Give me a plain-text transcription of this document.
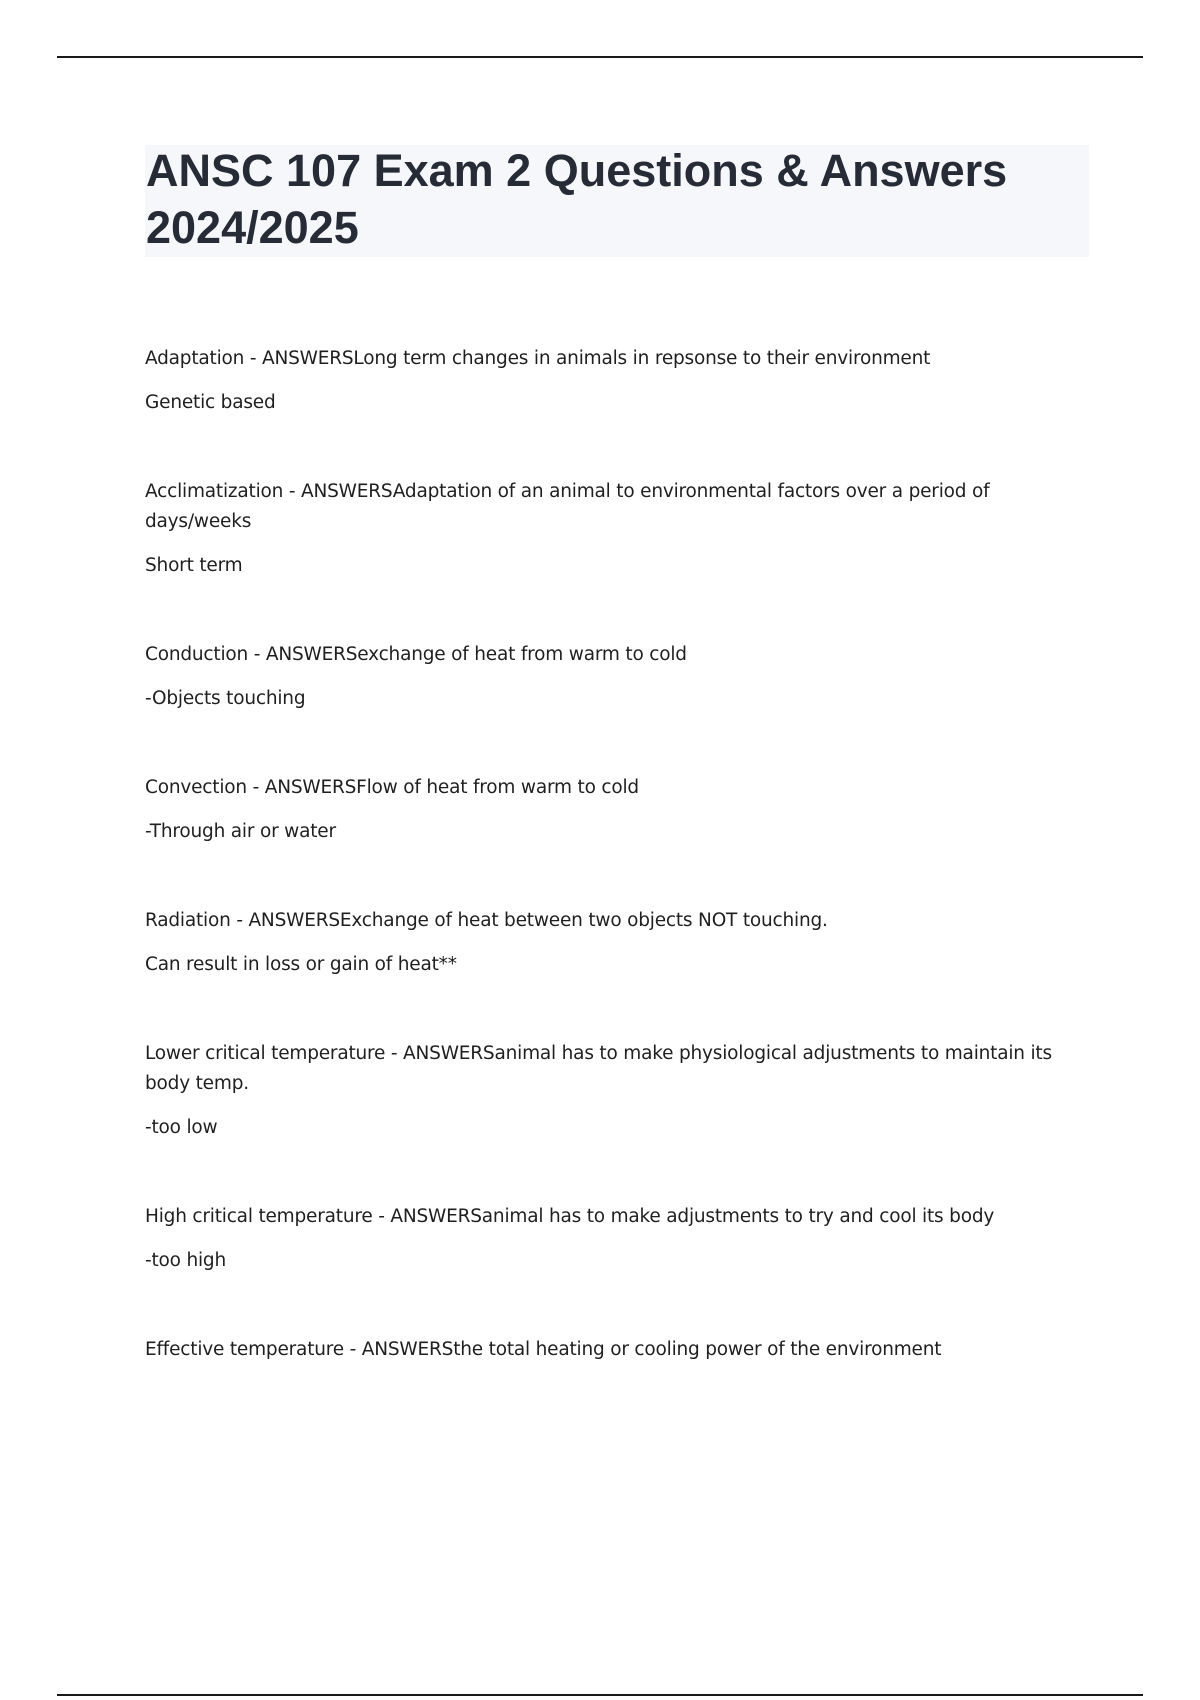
ANSC 107 Exam 2 Questions & Answers 2024/2025

Adaptation - ANSWERSLong term changes in animals in repsonse to their environment

Genetic based

Acclimatization - ANSWERSAdaptation of an animal to environmental factors over a period of days/weeks

Short term

Conduction - ANSWERSexchange of heat from warm to cold

-Objects touching

Convection - ANSWERSFlow of heat from warm to cold

-Through air or water

Radiation - ANSWERSExchange of heat between two objects NOT touching.

Can result in loss or gain of heat**

Lower critical temperature - ANSWERSanimal has to make physiological adjustments to maintain its body temp.

-too low

High critical temperature - ANSWERSanimal has to make adjustments to try and cool its body

-too high

Effective temperature - ANSWERSthe total heating or cooling power of the environment
